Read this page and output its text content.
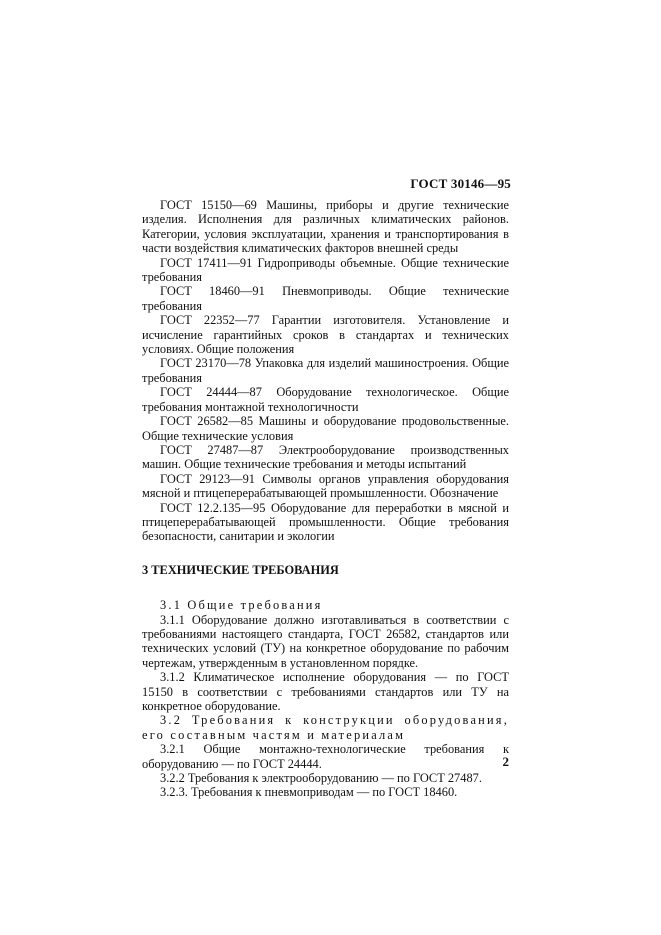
ГОСТ 30146—95

ГОСТ 15150—69 Машины, приборы и другие технические изделия. Исполнения для различных климатических районов. Категории, условия эксплуатации, хранения и транспортирования в части воздействия климатических факторов внешней среды

ГОСТ 17411—91 Гидроприводы объемные. Общие технические требования

ГОСТ 18460—91 Пневмоприводы. Общие технические требования

ГОСТ 22352—77 Гарантии изготовителя. Установление и исчисление гарантийных сроков в стандартах и технических условиях. Общие положения

ГОСТ 23170—78 Упаковка для изделий машиностроения. Общие требования

ГОСТ 24444—87 Оборудование технологическое. Общие требования монтажной технологичности

ГОСТ 26582—85 Машины и оборудование продовольственные. Общие технические условия

ГОСТ 27487—87 Электрооборудование производственных машин. Общие технические требования и методы испытаний

ГОСТ 29123—91 Символы органов управления оборудования мясной и птицеперерабатывающей промышленности. Обозначение

ГОСТ 12.2.135—95 Оборудование для переработки в мясной и птицеперерабатывающей промышленности. Общие требования безопасности, санитарии и экологии

3 ТЕХНИЧЕСКИЕ ТРЕБОВАНИЯ

3.1 Общие требования

3.1.1 Оборудование должно изготавливаться в соответствии с требованиями настоящего стандарта, ГОСТ 26582, стандартов или технических условий (ТУ) на конкретное оборудование по рабочим чертежам, утвержденным в установленном порядке.

3.1.2 Климатическое исполнение оборудования — по ГОСТ 15150 в соответствии с требованиями стандартов или ТУ на конкретное оборудование.

3.2 Требования к конструкции оборудования, его составным частям и материалам

3.2.1 Общие монтажно-технологические требования к оборудованию — по ГОСТ 24444.

3.2.2 Требования к электрооборудованию — по ГОСТ 27487.

3.2.3. Требования к пневмоприводам — по ГОСТ 18460.

2
